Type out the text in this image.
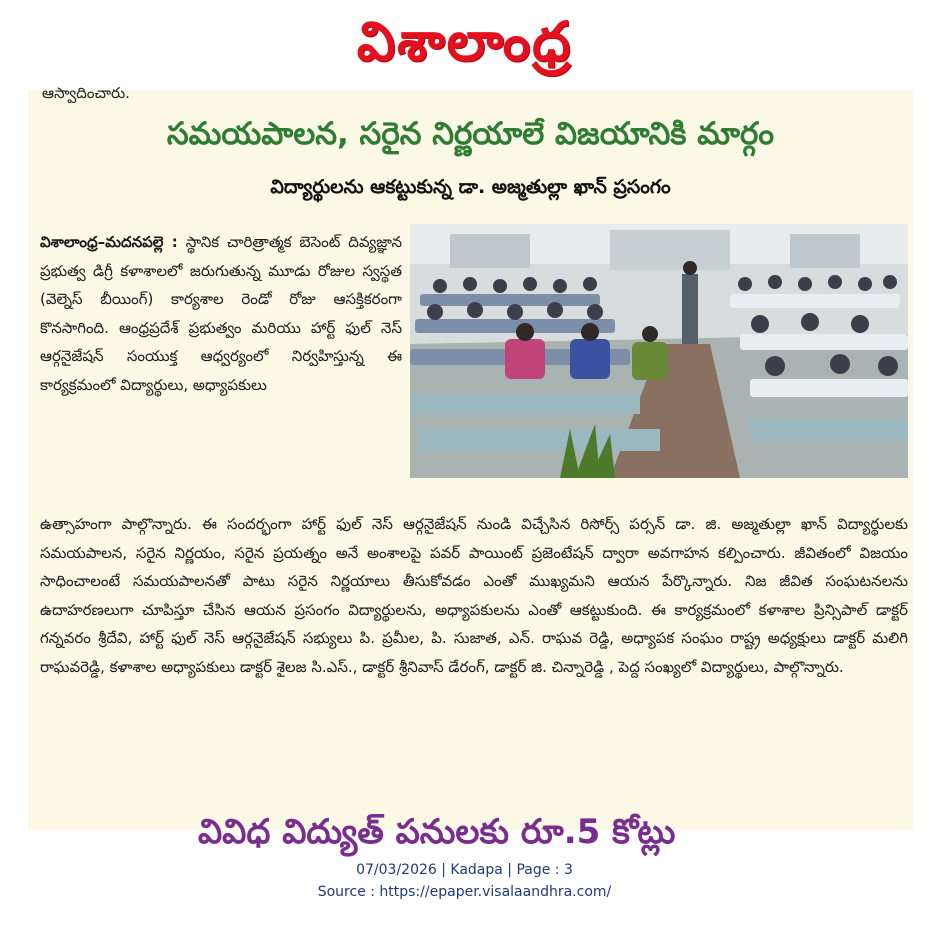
విశాలాంధ్ర
ఆస్వాదించారు.
సమయపాలన, సరైన నిర్ణయాలే విజయానికి మార్గం
విద్యార్థులను ఆకట్టుకున్న డా. అజ్మతుల్లా ఖాన్ ప్రసంగం

విశాలాంధ్ర–మదనపల్లె : స్థానిక చారిత్రాత్మక బెసెంట్ దివ్యజ్ఞాన ప్రభుత్వ డిగ్రీ కళాశాలలో జరుగుతున్న మూడు రోజుల స్వస్థత (వెల్నెస్ బీయింగ్) కార్యశాల రెండో రోజు ఆసక్తికరంగా కొనసాగింది. ఆంధ్రప్రదేశ్ ప్రభుత్వం మరియు హార్ట్ ఫుల్ నెస్ ఆర్గనైజేషన్ సంయుక్త ఆధ్వర్యంలో నిర్వహిస్తున్న ఈ కార్యక్రమంలో విద్యార్థులు, అధ్యాపకులు

ఉత్సాహంగా పాల్గొన్నారు. ఈ సందర్భంగా హార్ట్ ఫుల్ నెస్ ఆర్గనైజేషన్ నుండి విచ్చేసిన రిసోర్స్ పర్సన్ డా. జి. అజ్మతుల్లా ఖాన్ విద్యార్థులకు సమయపాలన, సరైన నిర్ణయం, సరైన ప్రయత్నం అనే అంశాలపై పవర్ పాయింట్ ప్రజెంటేషన్ ద్వారా అవగాహన కల్పించారు. జీవితంలో విజయం సాధించాలంటే సమయపాలనతో పాటు సరైన నిర్ణయాలు తీసుకోవడం ఎంతో ముఖ్యమని ఆయన పేర్కొన్నారు. నిజ జీవిత సంఘటనలను ఉదాహరణలుగా చూపిస్తూ చేసిన ఆయన ప్రసంగం విద్యార్థులను, అధ్యాపకులను ఎంతో ఆకట్టుకుంది. ఈ కార్యక్రమంలో కళాశాల ప్రిన్సిపాల్ డాక్టర్ గన్నవరం శ్రీదేవి, హార్ట్ ఫుల్ నెస్ ఆర్గనైజేషన్ సభ్యులు పి. ప్రమీల, పి. సుజాత, ఎన్. రాఘవ రెడ్డి, అధ్యాపక సంఘం రాష్ట్ర అధ్యక్షులు డాక్టర్ మలిగి రాఘవరెడ్డి, కళాశాల అధ్యాపకులు డాక్టర్ శైలజ సి.ఎస్., డాక్టర్ శ్రీనివాస్ డేరంగ్, డాక్టర్ జి. చిన్నారెడ్డి , పెద్ద సంఖ్యలో విద్యార్థులు, పాల్గొన్నారు.

వివిధ విద్యుత్ పనులకు రూ.5 కోట్లు
07/03/2026 | Kadapa | Page : 3
Source : https://epaper.visalaandhra.com/
